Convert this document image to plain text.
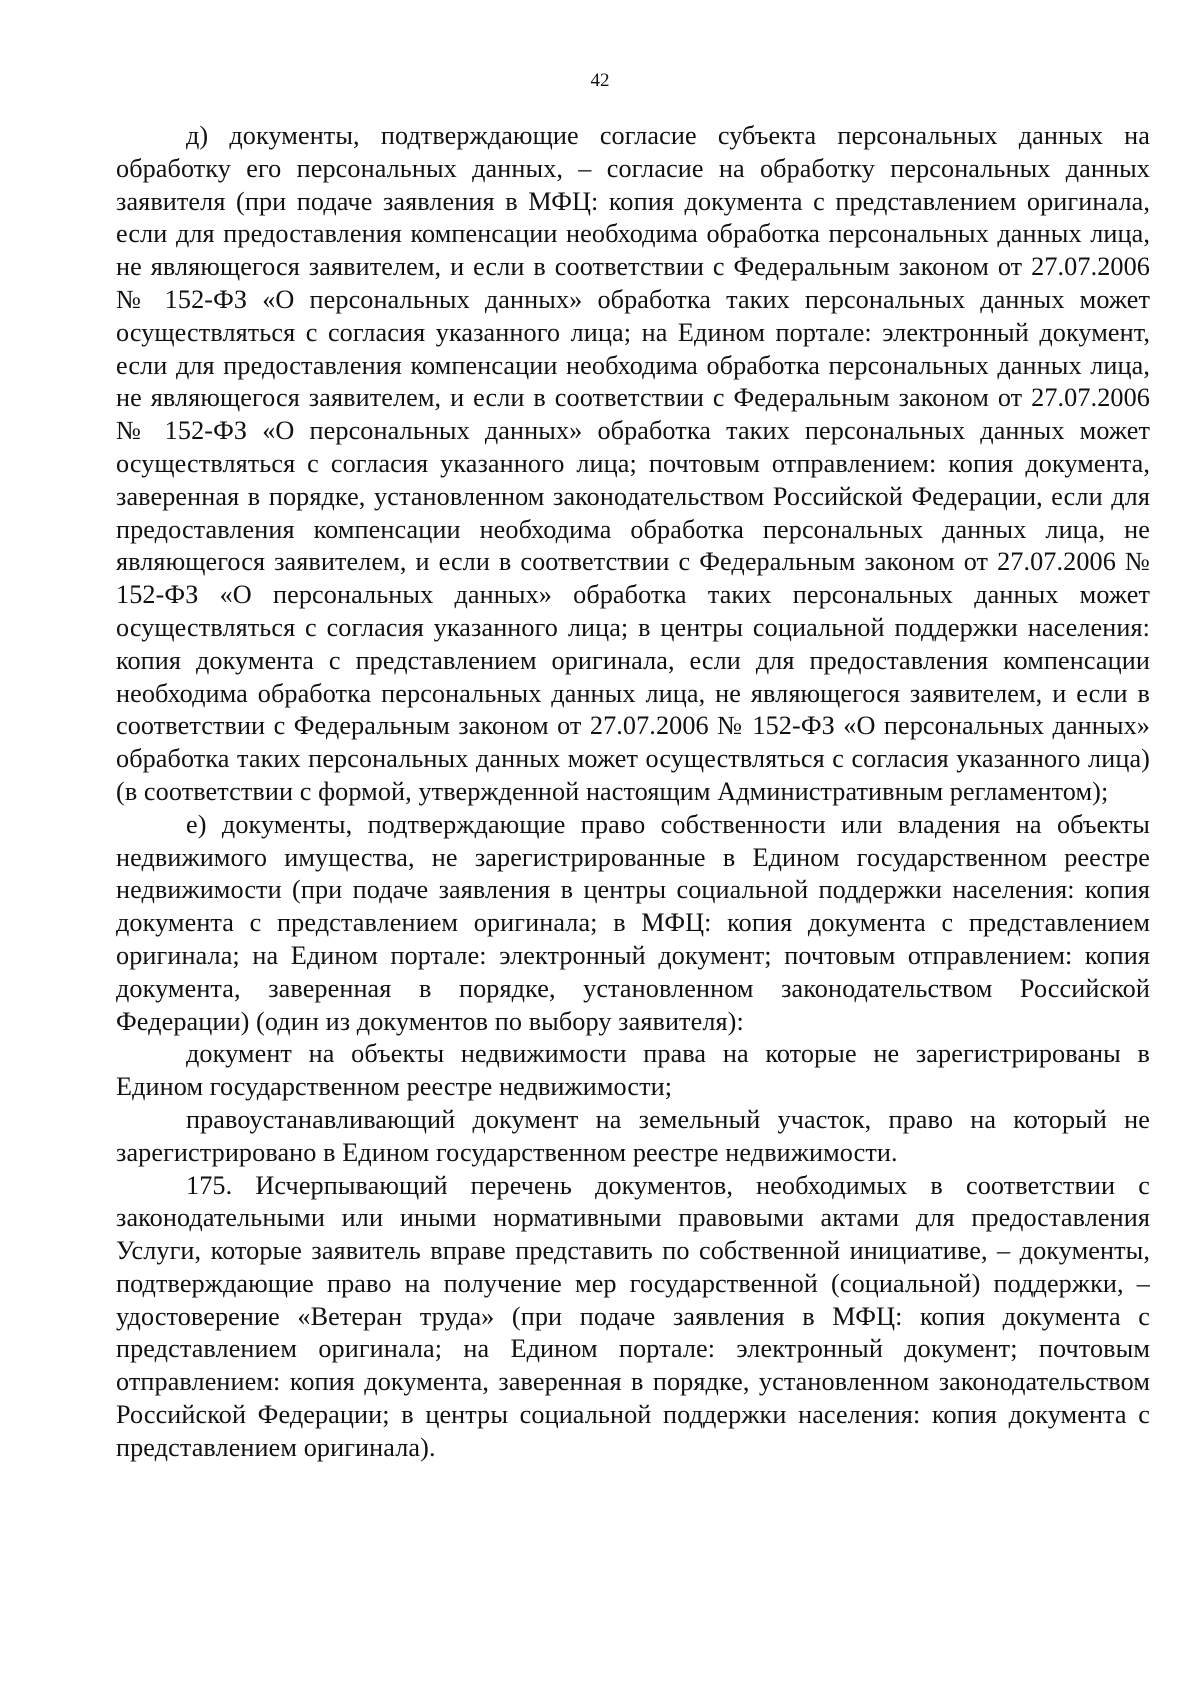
42

д) документы, подтверждающие согласие субъекта персональных данных на обработку его персональных данных, – согласие на обработку персональных данных заявителя (при подаче заявления в МФЦ: копия документа с представлением оригинала, если для предоставления компенсации необходима обработка персональных данных лица, не являющегося заявителем, и если в соответствии с Федеральным законом от 27.07.2006 № 152-ФЗ «О персональных данных» обработка таких персональных данных может осуществляться с согласия указанного лица; на Едином портале: электронный документ, если для предоставления компенсации необходима обработка персональных данных лица, не являющегося заявителем, и если в соответствии с Федеральным законом от 27.07.2006 № 152-ФЗ «О персональных данных» обработка таких персональных данных может осуществляться с согласия указанного лица; почтовым отправлением: копия документа, заверенная в порядке, установленном законодательством Российской Федерации, если для предоставления компенсации необходима обработка персональных данных лица, не являющегося заявителем, и если в соответствии с Федеральным законом от 27.07.2006 № 152-ФЗ «О персональных данных» обработка таких персональных данных может осуществляться с согласия указанного лица; в центры социальной поддержки населения: копия документа с представлением оригинала, если для предоставления компенсации необходима обработка персональных данных лица, не являющегося заявителем, и если в соответствии с Федеральным законом от 27.07.2006 № 152-ФЗ «О персональных данных» обработка таких персональных данных может осуществляться с согласия указанного лица) (в соответствии с формой, утвержденной настоящим Административным регламентом);

е) документы, подтверждающие право собственности или владения на объекты недвижимого имущества, не зарегистрированные в Едином государственном реестре недвижимости (при подаче заявления в центры социальной поддержки населения: копия документа с представлением оригинала; в МФЦ: копия документа с представлением оригинала; на Едином портале: электронный документ; почтовым отправлением: копия документа, заверенная в порядке, установленном законодательством Российской Федерации) (один из документов по выбору заявителя):

документ на объекты недвижимости права на которые не зарегистрированы в Едином государственном реестре недвижимости;

правоустанавливающий документ на земельный участок, право на который не зарегистрировано в Едином государственном реестре недвижимости.

175. Исчерпывающий перечень документов, необходимых в соответствии с законодательными или иными нормативными правовыми актами для предоставления Услуги, которые заявитель вправе представить по собственной инициативе, – документы, подтверждающие право на получение мер государственной (социальной) поддержки, – удостоверение «Ветеран труда» (при подаче заявления в МФЦ: копия документа с представлением оригинала; на Едином портале: электронный документ; почтовым отправлением: копия документа, заверенная в порядке, установленном законодательством Российской Федерации; в центры социальной поддержки населения: копия документа с представлением оригинала).
